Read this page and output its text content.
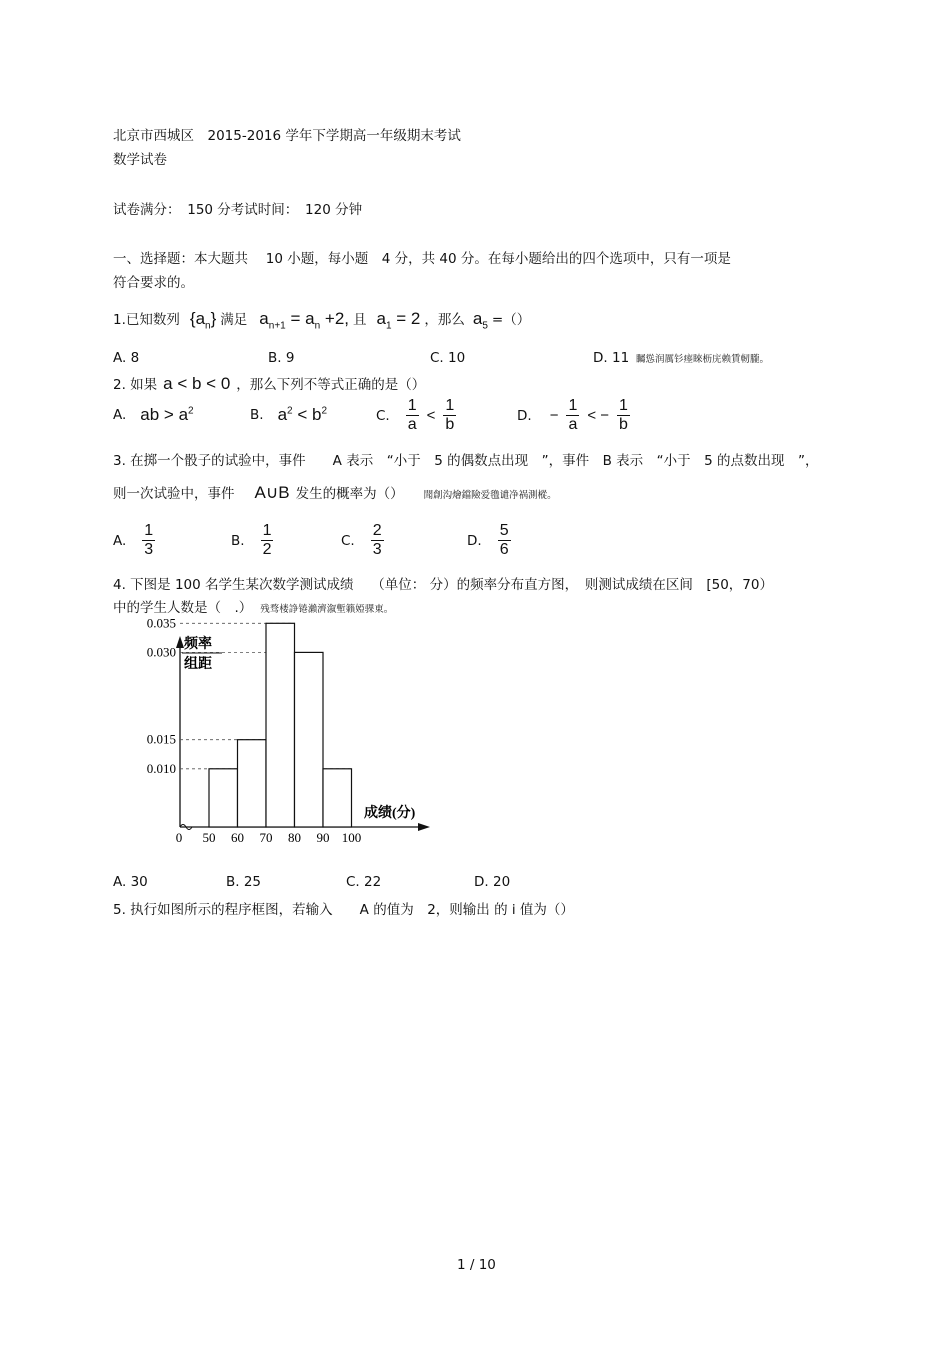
北京市西城区　2015-2016 学年下学期高一年级期末考试
数学试卷
试卷满分：　150 分考试时间：　120 分钟
一、选择题：本大题共　 10 小题，每小题　4 分，共 40 分。在每小题给出的四个选项中，只有一项是
符合要求的。
1.已知数列 $\{a_n\}$ 满足 $a_{n+1} = a_n +2$, 且 $a_1 = 2$ ，那么 $a_5$ =（）
A. 8	B. 9	C. 10	D. 11 矚慫润厲钐瘗睞枥庑赖賃軔朧。
2. 如果 a < b < 0 ，那么下列不等式正确的是（）
A. ab > $a^2$	B. $a^2 < b^2$	C. $\frac{1}{a} < \frac{1}{b}$	D. − $\frac{1}{a}$ < − $\frac{1}{b}$
3. 在掷一个骰子的试验中，事件　　A 表示　“小于　5 的偶数点出现　”，事件　B 表示　“小于　5 的点数出现　”，
则一次试验中，事件 A∪B 发生的概率为（） 聞創沟燴鐺險爱氇谴净祸測樅。
A. $\frac{1}{3}$	B. $\frac{1}{2}$	C. $\frac{2}{3}$	D. $\frac{5}{6}$
4. 下图是 100 名学生某次数学测试成绩　 （单位： 分）的频率分布直方图，　则测试成绩在区间　[50，70）
中的学生人数是（　.） 残骛楼諍锩瀨濟溆塹籟婭骒東。
频率
组距
0.035
0.030
0.015
0.010
0 50 60 70 80 90 100
成绩(分)
A. 30	B. 25	C. 22	D. 20
5. 执行如图所示的程序框图，若输入　　A 的值为　2，则输出 的 i 值为（）
1 / 10
